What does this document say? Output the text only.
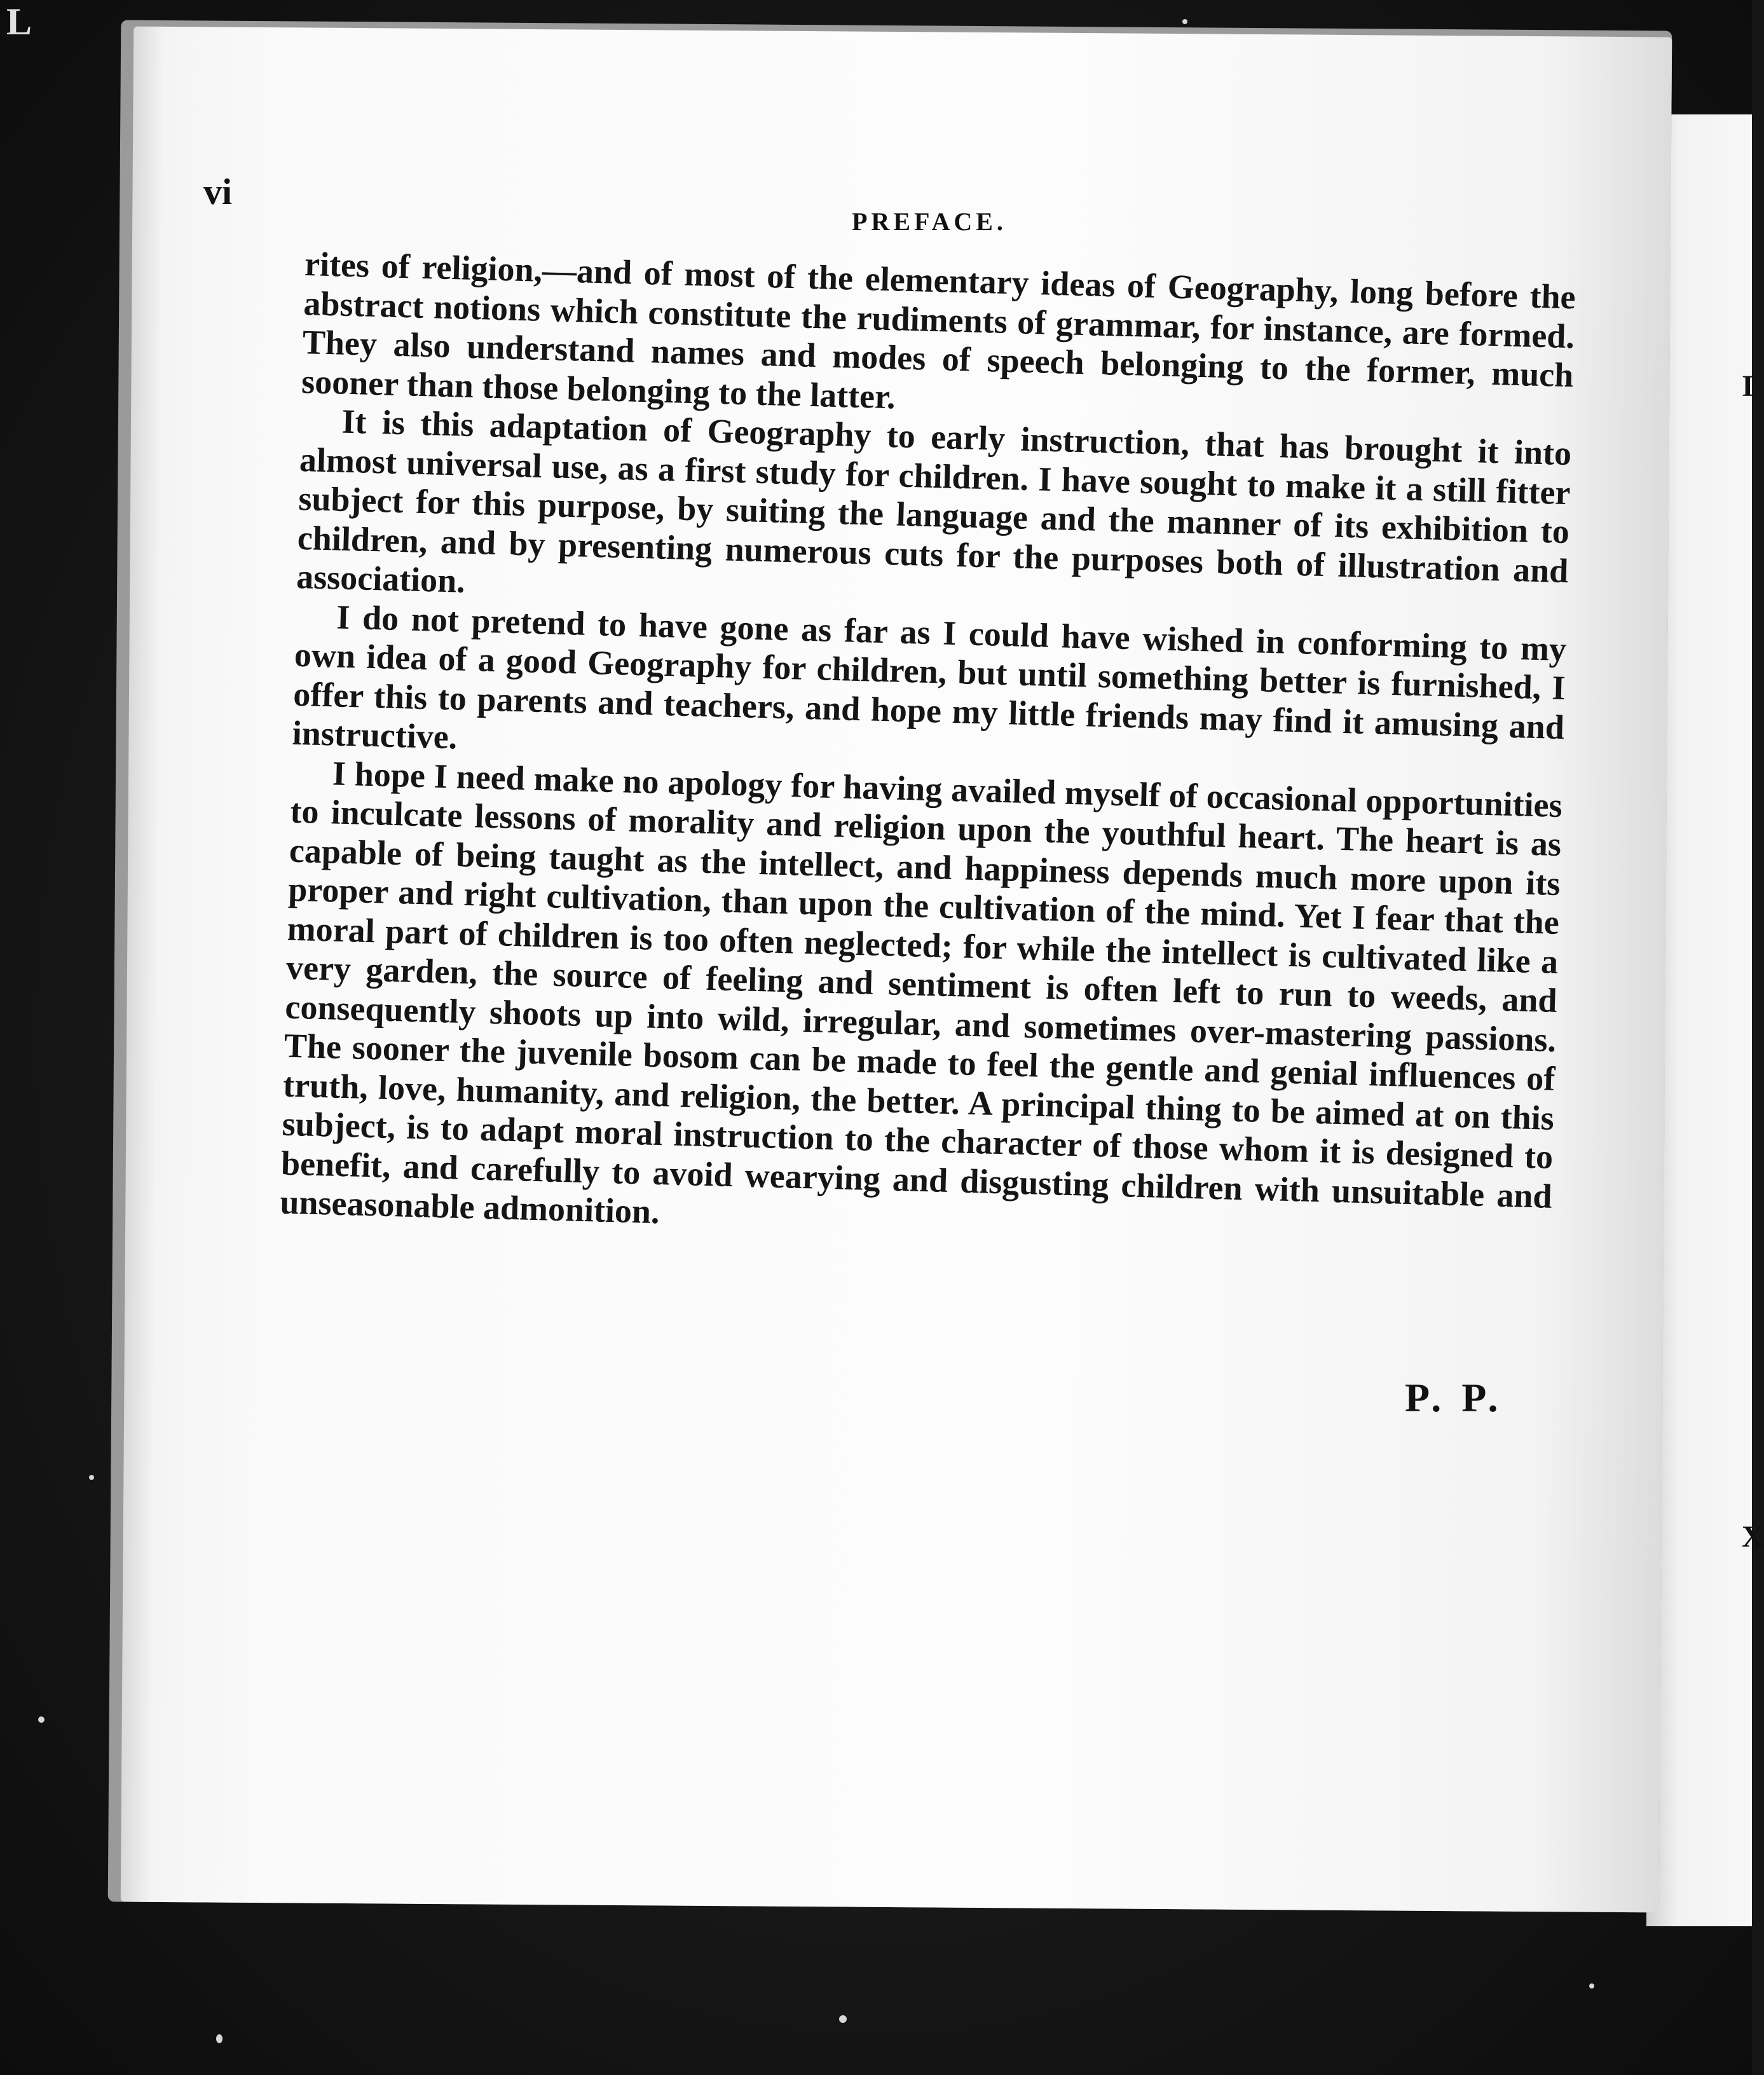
L
I
X
vi
PREFACE.

rites of religion,—and of most of the elementary ideas of Geography, long before the abstract notions which constitute the rudiments of grammar, for instance, are formed. They also understand names and modes of speech belonging to the former, much sooner than those belonging to the latter.

It is this adaptation of Geography to early instruction, that has brought it into almost universal use, as a first study for children. I have sought to make it a still fitter subject for this purpose, by suiting the language and the manner of its exhibition to children, and by presenting numerous cuts for the purposes both of illustration and association.

I do not pretend to have gone as far as I could have wished in conforming to my own idea of a good Geography for children, but until something better is furnished, I offer this to parents and teachers, and hope my little friends may find it amusing and instructive.

I hope I need make no apology for having availed myself of occasional opportunities to inculcate lessons of morality and religion upon the youthful heart. The heart is as capable of being taught as the intellect, and happiness depends much more upon its proper and right cultivation, than upon the cultivation of the mind. Yet I fear that the moral part of children is too often neglected; for while the intellect is cultivated like a very garden, the source of feeling and sentiment is often left to run to weeds, and consequently shoots up into wild, irregular, and sometimes over-mastering passions. The sooner the juvenile bosom can be made to feel the gentle and genial influences of truth, love, humanity, and religion, the better. A principal thing to be aimed at on this subject, is to adapt moral instruction to the character of those whom it is designed to benefit, and carefully to avoid wearying and disgusting children with unsuitable and unseasonable admonition.

P. P.
